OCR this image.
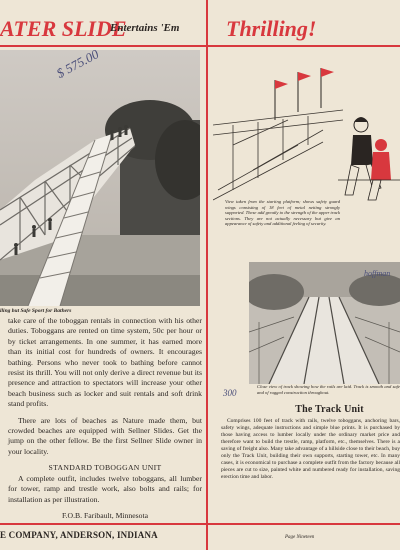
ATER SLIDE
Entertains 'Em Thrilling!
$ 575.00
lling but Safe Sport for Bathers

take care of the toboggan rentals in connection with his other duties. Toboggans are rented on time system, 50c per hour or by ticket arrangements. In one summer, it has earned more than its initial cost for hundreds of owners. It encourages bathing. Persons who never took to bathing before cannot resist its thrill. You will not only derive a direct revenue but its presence and attraction to spectators will increase your other beach business such as locker and suit rentals and soft drink stand profits.

There are lots of beaches as Nature made them, but crowded beaches are equipped with Sellner Slides. Get the jump on the other fellow. Be the first Sellner Slide owner in your locality.

STANDARD TOBOGGAN UNIT

A complete outfit, includes twelve toboggans, all lumber for tower, ramp and trestle work, also bolts and rails; for installation as per illustration.

F.O.B. Faribault, Minnesota

E COMPANY, ANDERSON, INDIANA	Page Nineteen
View taken from the starting platform; shows safety guard wings consisting of 18 feet of metal netting strongly supported. These add greatly to the strength of the upper track sections. They are not actually necessary but give an appearance of safety and additional feeling of security.
hoffman
Close view of track showing how the rails are laid. Track is smooth and safe and of rugged construction throughout.
300
The Track Unit

Comprises 100 feet of track with rails, twelve toboggans, anchoring bars, safety wings, adequate instructions and simple blue prints. It is purchased by those having access to lumber locally under the ordinary market price and therefore want to build the trestle, ramp, platform, etc., themselves. There is a saving of freight also. Many take advantage of a hillside close to their beach, buy only the Track Unit, building their own supports, starting tower, etc. In many cases, it is economical to purchase a complete outfit from the factory because all pieces are cut to size, painted white and numbered ready for installation, saving erection time and labor.
